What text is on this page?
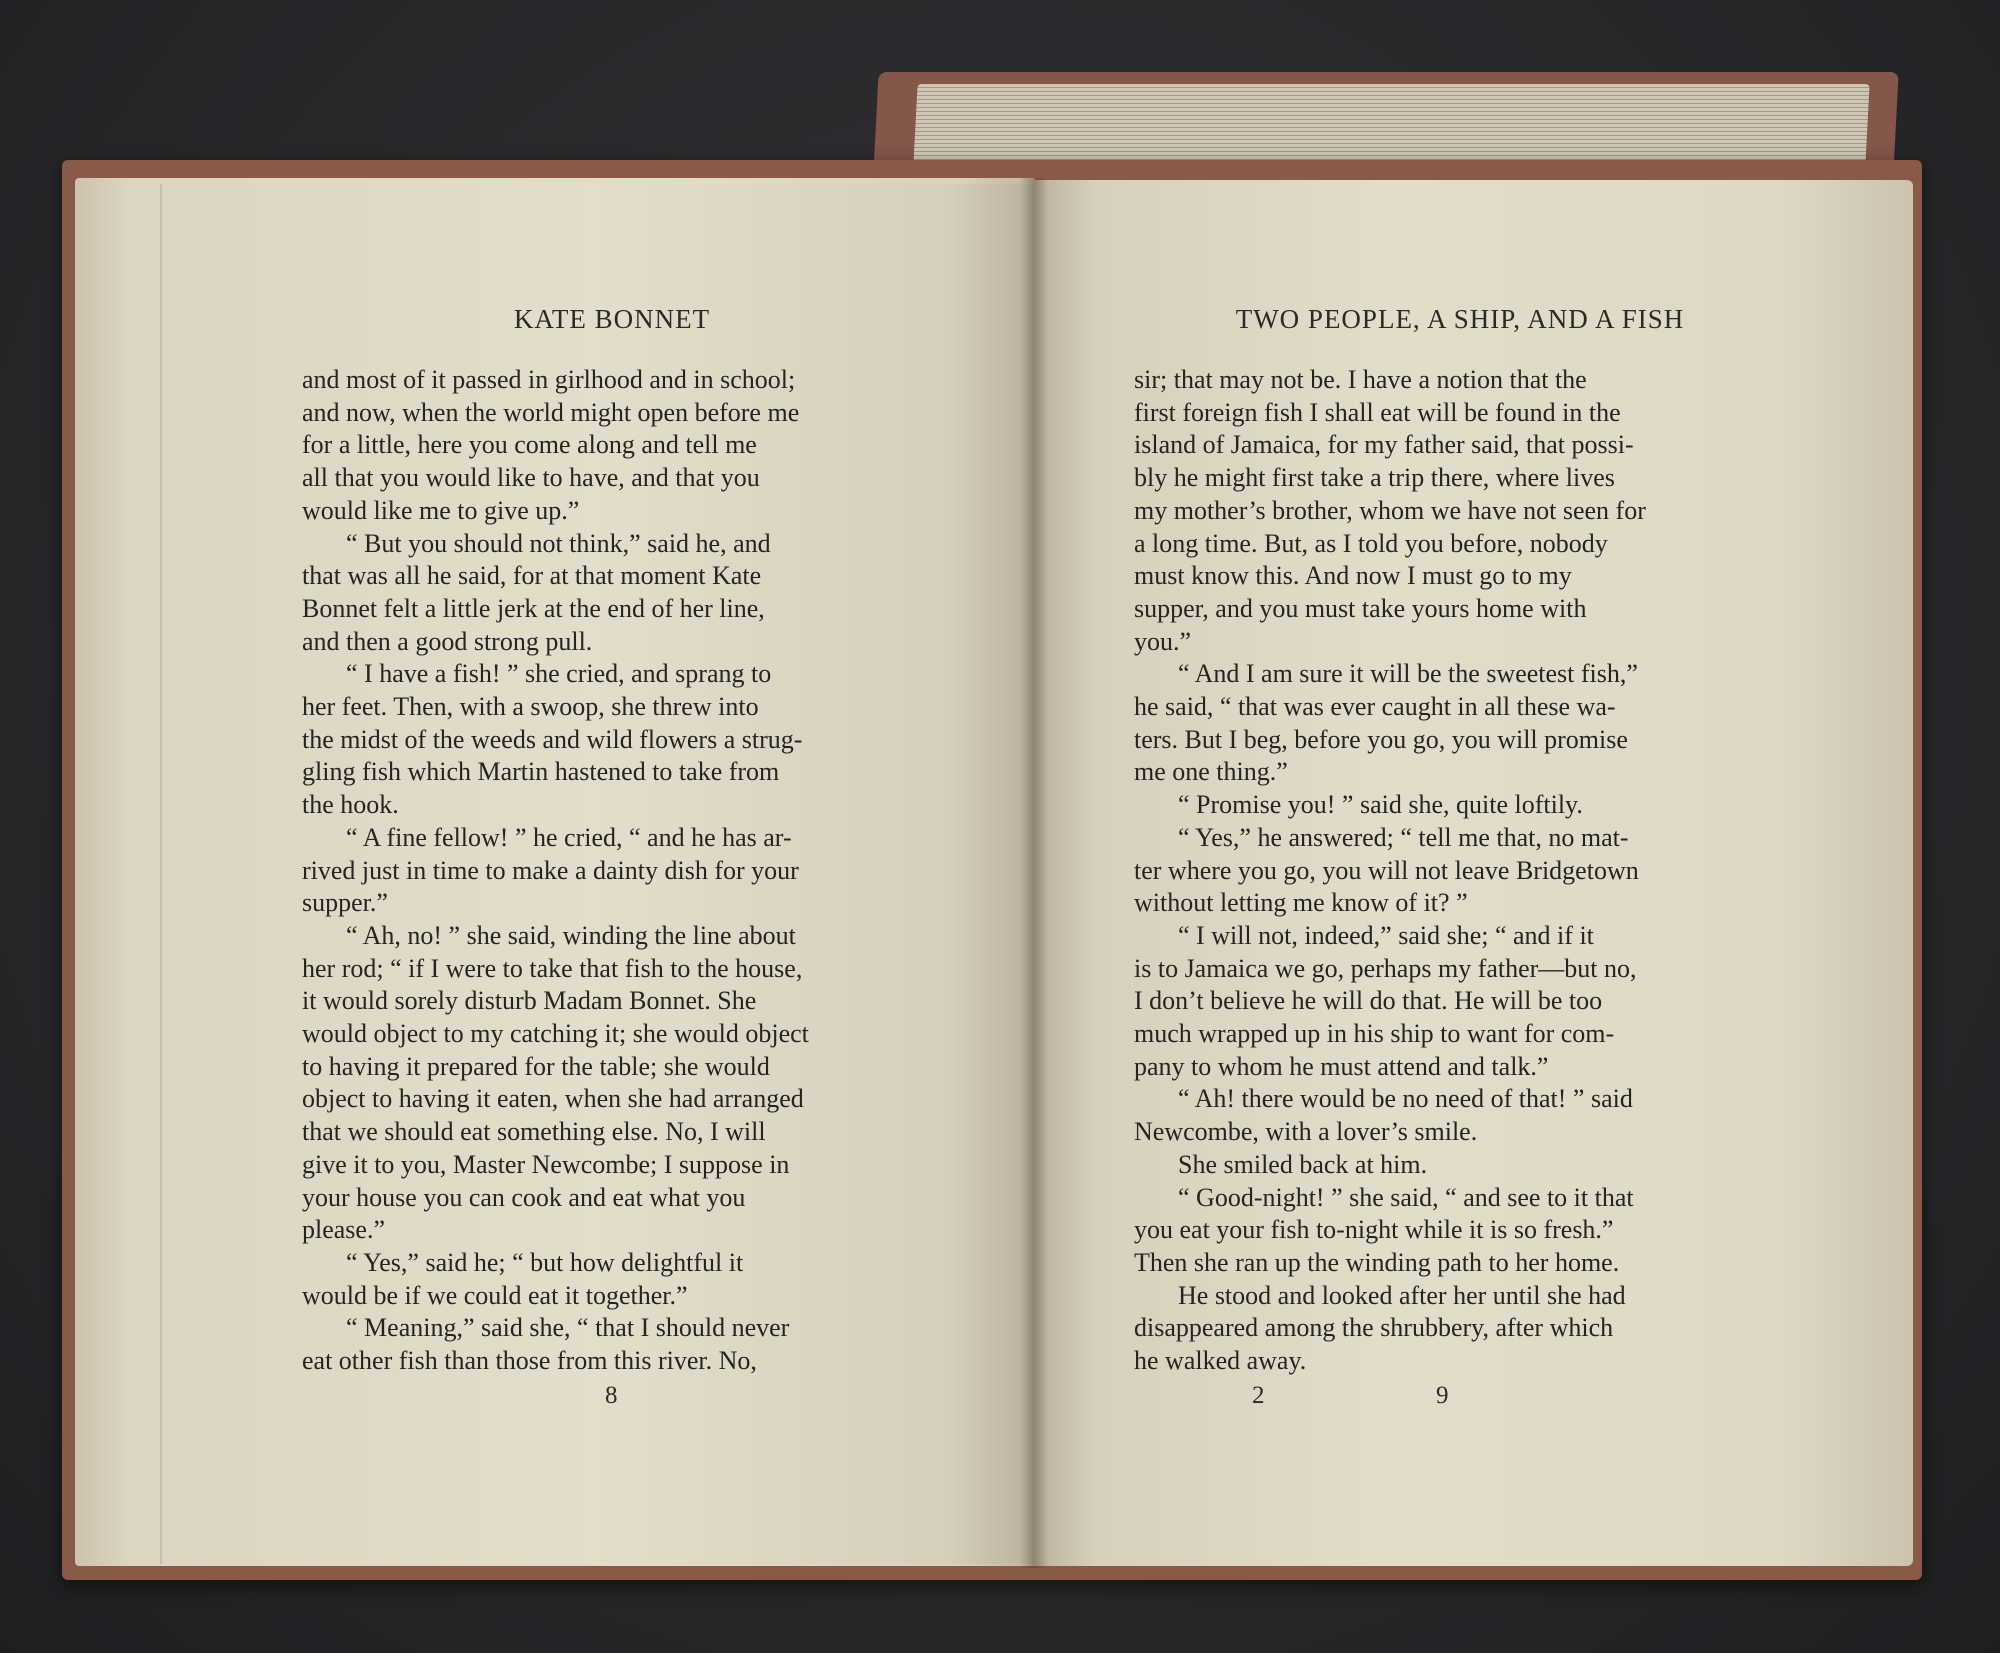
KATE BONNET	TWO PEOPLE, A SHIP, AND A FISH

and most of it passed in girlhood and in school;

and now, when the world might open before me

for a little, here you come along and tell me

all that you would like to have, and that you

would like me to give up.”

“ But you should not think,” said he, and

that was all he said, for at that moment Kate

Bonnet felt a little jerk at the end of her line,

and then a good strong pull.

“ I have a fish! ” she cried, and sprang to

her feet. Then, with a swoop, she threw into

the midst of the weeds and wild flowers a strug-

gling fish which Martin hastened to take from

the hook.

“ A fine fellow! ” he cried, “ and he has ar-

rived just in time to make a dainty dish for your

supper.”

“ Ah, no! ” she said, winding the line about

her rod; “ if I were to take that fish to the house,

it would sorely disturb Madam Bonnet. She

would object to my catching it; she would object

to having it prepared for the table; she would

object to having it eaten, when she had arranged

that we should eat something else. No, I will

give it to you, Master Newcombe; I suppose in

your house you can cook and eat what you

please.”

“ Yes,” said he; “ but how delightful it

would be if we could eat it together.”

“ Meaning,” said she, “ that I should never

eat other fish than those from this river. No,

sir; that may not be. I have a notion that the

first foreign fish I shall eat will be found in the

island of Jamaica, for my father said, that possi-

bly he might first take a trip there, where lives

my mother’s brother, whom we have not seen for

a long time. But, as I told you before, nobody

must know this. And now I must go to my

supper, and you must take yours home with

you.”

“ And I am sure it will be the sweetest fish,”

he said, “ that was ever caught in all these wa-

ters. But I beg, before you go, you will promise

me one thing.”

“ Promise you! ” said she, quite loftily.

“ Yes,” he answered; “ tell me that, no mat-

ter where you go, you will not leave Bridgetown

without letting me know of it? ”

“ I will not, indeed,” said she; “ and if it

is to Jamaica we go, perhaps my father—but no,

I don’t believe he will do that. He will be too

much wrapped up in his ship to want for com-

pany to whom he must attend and talk.”

“ Ah! there would be no need of that! ” said

Newcombe, with a lover’s smile.

She smiled back at him.

“ Good-night! ” she said, “ and see to it that

you eat your fish to-night while it is so fresh.”

Then she ran up the winding path to her home.

He stood and looked after her until she had

disappeared among the shrubbery, after which

he walked away.

8	2	9
